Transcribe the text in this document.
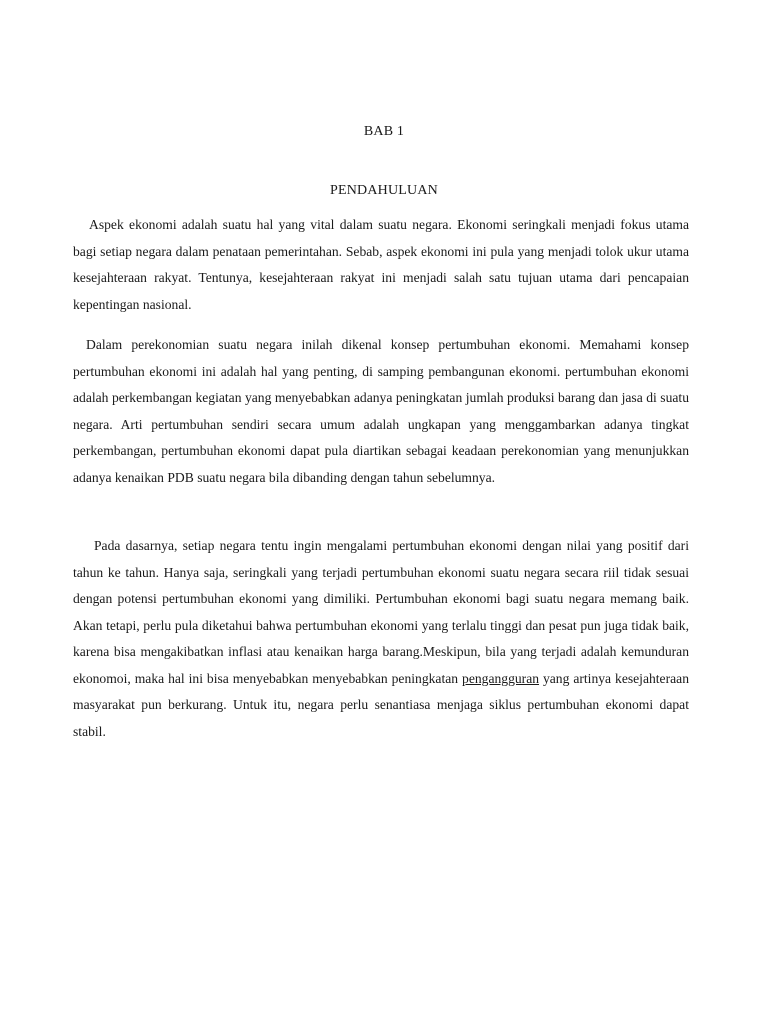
BAB 1
PENDAHULUAN

Aspek ekonomi adalah suatu hal yang vital dalam suatu negara. Ekonomi seringkali menjadi fokus utama bagi setiap negara dalam penataan pemerintahan. Sebab, aspek ekonomi ini pula yang menjadi tolok ukur utama kesejahteraan rakyat. Tentunya, kesejahteraan rakyat ini menjadi salah satu tujuan utama dari pencapaian kepentingan nasional.

Dalam perekonomian suatu negara inilah dikenal konsep pertumbuhan ekonomi. Memahami konsep pertumbuhan ekonomi ini adalah hal yang penting, di samping pembangunan ekonomi. pertumbuhan ekonomi adalah perkembangan kegiatan yang menyebabkan adanya peningkatan jumlah produksi barang dan jasa di suatu negara. Arti pertumbuhan sendiri secara umum adalah ungkapan yang menggambarkan adanya tingkat perkembangan, pertumbuhan ekonomi dapat pula diartikan sebagai keadaan perekonomian yang menunjukkan adanya kenaikan PDB suatu negara bila dibanding dengan tahun sebelumnya.

Pada dasarnya, setiap negara tentu ingin mengalami pertumbuhan ekonomi dengan nilai yang positif dari tahun ke tahun. Hanya saja, seringkali yang terjadi pertumbuhan ekonomi suatu negara secara riil tidak sesuai dengan potensi pertumbuhan ekonomi yang dimiliki. Pertumbuhan ekonomi bagi suatu negara memang baik. Akan tetapi, perlu pula diketahui bahwa pertumbuhan ekonomi yang terlalu tinggi dan pesat pun juga tidak baik, karena bisa mengakibatkan inflasi atau kenaikan harga barang.Meskipun, bila yang terjadi adalah kemunduran ekonomoi, maka hal ini bisa menyebabkan menyebabkan peningkatan pengangguran yang artinya kesejahteraan masyarakat pun berkurang. Untuk itu, negara perlu senantiasa menjaga siklus pertumbuhan ekonomi dapat stabil.
